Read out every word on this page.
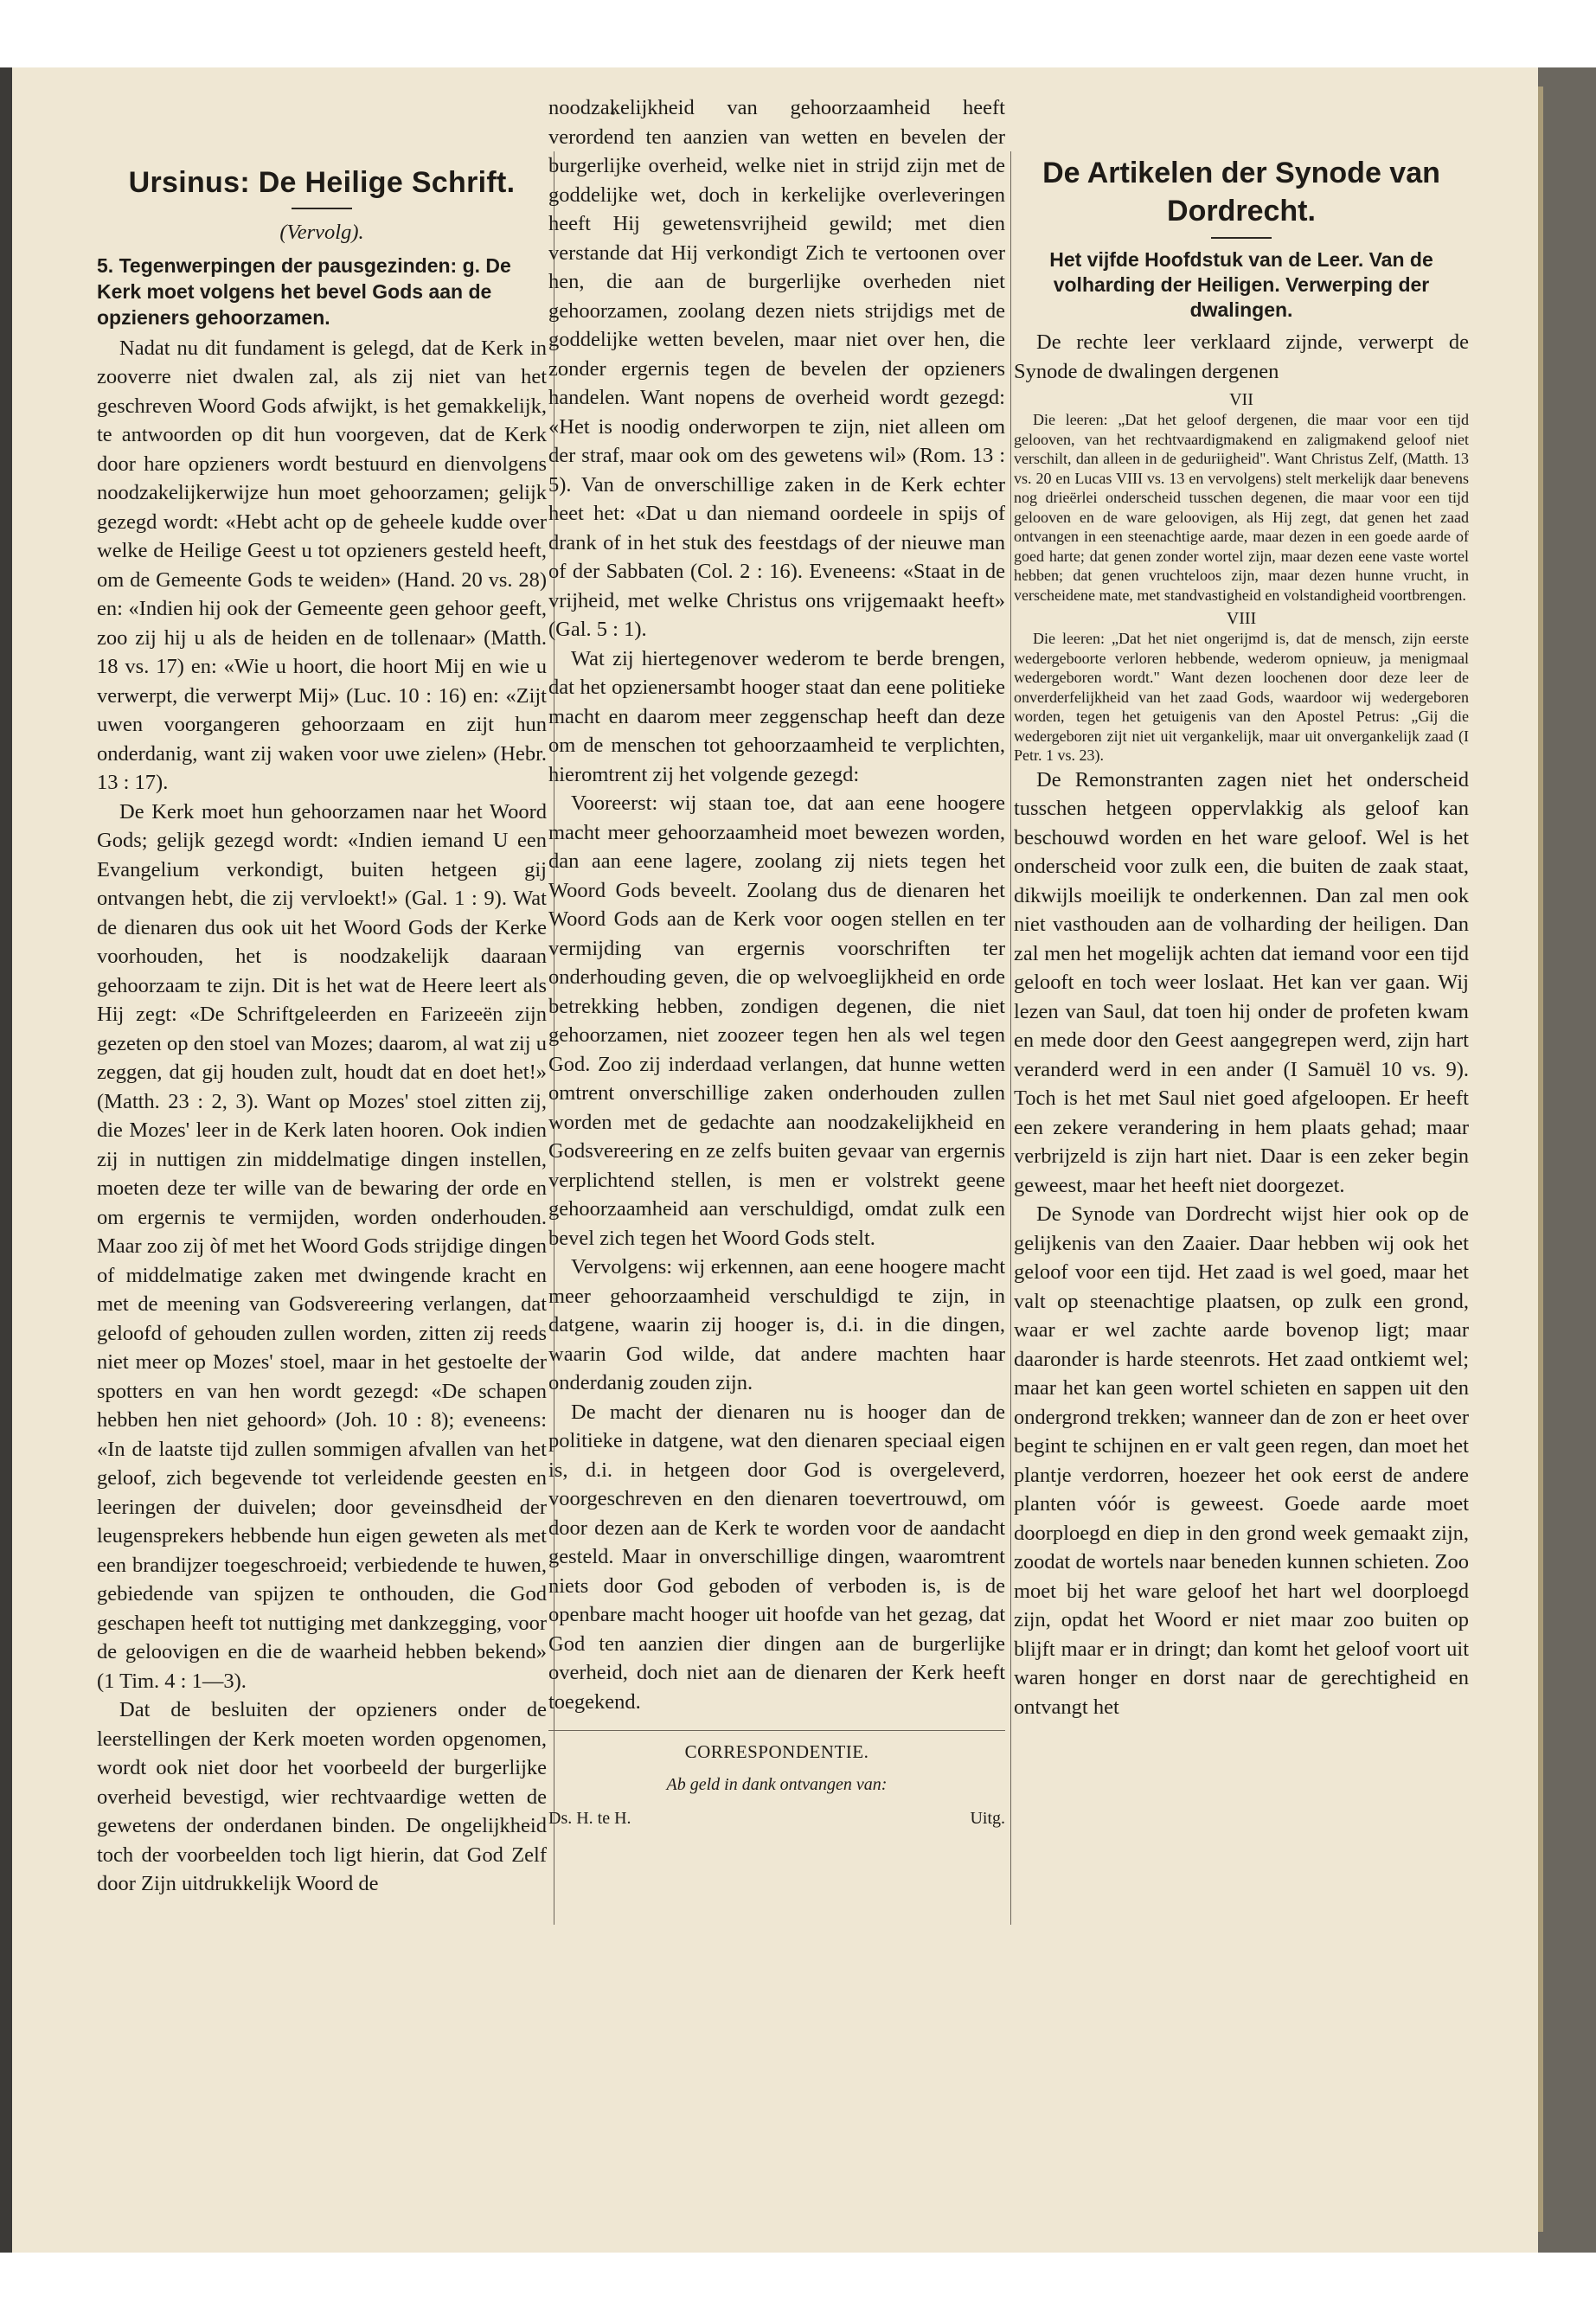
Ursinus: De Heilige Schrift.
(Vervolg).
5. Tegenwerpingen der pausgezinden: g. De Kerk moet volgens het bevel Gods aan de opzieners gehoorzamen.

Nadat nu dit fundament is gelegd, dat de Kerk in zooverre niet dwalen zal, als zij niet van het geschreven Woord Gods afwijkt, is het gemakkelijk, te antwoorden op dit hun voorgeven, dat de Kerk door hare opzieners wordt bestuurd en dienvolgens noodzakelijkerwijze hun moet gehoorzamen; gelijk gezegd wordt: «Hebt acht op de geheele kudde over welke de Heilige Geest u tot opzieners gesteld heeft, om de Gemeente Gods te weiden» (Hand. 20 vs. 28) en: «Indien hij ook der Gemeente geen gehoor geeft, zoo zij hij u als de heiden en de tollenaar» (Matth. 18 vs. 17) en: «Wie u hoort, die hoort Mij en wie u verwerpt, die verwerpt Mij» (Luc. 10 : 16) en: «Zijt uwen voorgangeren gehoorzaam en zijt hun onderdanig, want zij waken voor uwe zielen» (Hebr. 13 : 17).

De Kerk moet hun gehoorzamen naar het Woord Gods; gelijk gezegd wordt: «Indien iemand U een Evangelium verkondigt, buiten hetgeen gij ontvangen hebt, die zij vervloekt!» (Gal. 1 : 9). Wat de dienaren dus ook uit het Woord Gods der Kerke voorhouden, het is noodzakelijk daaraan gehoorzaam te zijn. Dit is het wat de Heere leert als Hij zegt: «De Schriftgeleerden en Farizeeën zijn gezeten op den stoel van Mozes; daarom, al wat zij u zeggen, dat gij houden zult, houdt dat en doet het!» (Matth. 23 : 2, 3). Want op Mozes' stoel zitten zij, die Mozes' leer in de Kerk laten hooren. Ook indien zij in nuttigen zin middelmatige dingen instellen, moeten deze ter wille van de bewaring der orde en om ergernis te vermijden, worden onderhouden. Maar zoo zij òf met het Woord Gods strijdige dingen of middelmatige zaken met dwingende kracht en met de meening van Godsvereering verlangen, dat geloofd of gehouden zullen worden, zitten zij reeds niet meer op Mozes' stoel, maar in het gestoelte der spotters en van hen wordt gezegd: «De schapen hebben hen niet gehoord» (Joh. 10 : 8); eveneens: «In de laatste tijd zullen sommigen afvallen van het geloof, zich begevende tot verleidende geesten en leeringen der duivelen; door geveinsdheid der leugensprekers hebbende hun eigen geweten als met een brandijzer toegeschroeid; verbiedende te huwen, gebiedende van spijzen te onthouden, die God geschapen heeft tot nuttiging met dankzegging, voor de geloovigen en die de waarheid hebben bekend» (1 Tim. 4 : 1—3).

Dat de besluiten der opzieners onder de leerstellingen der Kerk moeten worden opgenomen, wordt ook niet door het voorbeeld der burgerlijke overheid bevestigd, wier rechtvaardige wetten de gewetens der onderdanen binden. De ongelijkheid toch der voorbeelden toch ligt hierin, dat God Zelf door Zijn uitdrukkelijk Woord de

noodzakelijkheid van gehoorzaamheid heeft verordend ten aanzien van wetten en bevelen der burgerlijke overheid, welke niet in strijd zijn met de goddelijke wet, doch in kerkelijke overleveringen heeft Hij gewetensvrijheid gewild; met dien verstande dat Hij verkondigt Zich te vertoonen over hen, die aan de burgerlijke overheden niet gehoorzamen, zoolang dezen niets strijdigs met de goddelijke wetten bevelen, maar niet over hen, die zonder ergernis tegen de bevelen der opzieners handelen. Want nopens de overheid wordt gezegd: «Het is noodig onderworpen te zijn, niet alleen om der straf, maar ook om des gewetens wil» (Rom. 13 : 5). Van de onverschillige zaken in de Kerk echter heet het: «Dat u dan niemand oordeele in spijs of drank of in het stuk des feestdags of der nieuwe man of der Sabbaten (Col. 2 : 16). Eveneens: «Staat in de vrijheid, met welke Christus ons vrijgemaakt heeft» (Gal. 5 : 1).

Wat zij hiertegenover wederom te berde brengen, dat het opzienersambt hooger staat dan eene politieke macht en daarom meer zeggenschap heeft dan deze om de menschen tot gehoorzaamheid te verplichten, hieromtrent zij het volgende gezegd:

Vooreerst: wij staan toe, dat aan eene hoogere macht meer gehoorzaamheid moet bewezen worden, dan aan eene lagere, zoolang zij niets tegen het Woord Gods beveelt. Zoolang dus de dienaren het Woord Gods aan de Kerk voor oogen stellen en ter vermijding van ergernis voorschriften ter onderhouding geven, die op welvoeglijkheid en orde betrekking hebben, zondigen degenen, die niet gehoorzamen, niet zoozeer tegen hen als wel tegen God. Zoo zij inderdaad verlangen, dat hunne wetten omtrent onverschillige zaken onderhouden zullen worden met de gedachte aan noodzakelijkheid en Godsvereering en ze zelfs buiten gevaar van ergernis verplichtend stellen, is men er volstrekt geene gehoorzaamheid aan verschuldigd, omdat zulk een bevel zich tegen het Woord Gods stelt.

Vervolgens: wij erkennen, aan eene hoogere macht meer gehoorzaamheid verschuldigd te zijn, in datgene, waarin zij hooger is, d.i. in die dingen, waarin God wilde, dat andere machten haar onderdanig zouden zijn.

De macht der dienaren nu is hooger dan de politieke in datgene, wat den dienaren speciaal eigen is, d.i. in hetgeen door God is overgeleverd, voorgeschreven en den dienaren toevertrouwd, om door dezen aan de Kerk te worden voor de aandacht gesteld. Maar in onverschillige dingen, waaromtrent niets door God geboden of verboden is, is de openbare macht hooger uit hoofde van het gezag, dat God ten aanzien dier dingen aan de burgerlijke overheid, doch niet aan de dienaren der Kerk heeft toegekend.

CORRESPONDENTIE.
Ab geld in dank ontvangen van:
Ds. H. te H.	Uitg.
De Artikelen der Synode van Dordrecht.
Het vijfde Hoofdstuk van de Leer. Van de volharding der Heiligen. Verwerping der dwalingen.

De rechte leer verklaard zijnde, verwerpt de Synode de dwalingen dergenen

VII

Die leeren: „Dat het geloof dergenen, die maar voor een tijd gelooven, van het rechtvaardigmakend en zaligmakend geloof niet verschilt, dan alleen in de geduriigheid". Want Christus Zelf, (Matth. 13 vs. 20 en Lucas VIII vs. 13 en vervolgens) stelt merkelijk daar benevens nog drieërlei onderscheid tusschen degenen, die maar voor een tijd gelooven en de ware geloovigen, als Hij zegt, dat genen het zaad ontvangen in een steenachtige aarde, maar dezen in een goede aarde of goed harte; dat genen zonder wortel zijn, maar dezen eene vaste wortel hebben; dat genen vruchteloos zijn, maar dezen hunne vrucht, in verscheidene mate, met standvastigheid en volstandigheid voortbrengen.

VIII

Die leeren: „Dat het niet ongerijmd is, dat de mensch, zijn eerste wedergeboorte verloren hebbende, wederom opnieuw, ja menigmaal wedergeboren wordt." Want dezen loochenen door deze leer de onverderfelijkheid van het zaad Gods, waardoor wij wedergeboren worden, tegen het getuigenis van den Apostel Petrus: „Gij die wedergeboren zijt niet uit vergankelijk, maar uit onvergankelijk zaad (I Petr. 1 vs. 23).

De Remonstranten zagen niet het onderscheid tusschen hetgeen oppervlakkig als geloof kan beschouwd worden en het ware geloof. Wel is het onderscheid voor zulk een, die buiten de zaak staat, dikwijls moeilijk te onderkennen. Dan zal men ook niet vasthouden aan de volharding der heiligen. Dan zal men het mogelijk achten dat iemand voor een tijd gelooft en toch weer loslaat. Het kan ver gaan. Wij lezen van Saul, dat toen hij onder de profeten kwam en mede door den Geest aangegrepen werd, zijn hart veranderd werd in een ander (I Samuël 10 vs. 9). Toch is het met Saul niet goed afgeloopen. Er heeft een zekere verandering in hem plaats gehad; maar verbrijzeld is zijn hart niet. Daar is een zeker begin geweest, maar het heeft niet doorgezet.

De Synode van Dordrecht wijst hier ook op de gelijkenis van den Zaaier. Daar hebben wij ook het geloof voor een tijd. Het zaad is wel goed, maar het valt op steenachtige plaatsen, op zulk een grond, waar er wel zachte aarde bovenop ligt; maar daaronder is harde steenrots. Het zaad ontkiemt wel; maar het kan geen wortel schieten en sappen uit den ondergrond trekken; wanneer dan de zon er heet over begint te schijnen en er valt geen regen, dan moet het plantje verdorren, hoezeer het ook eerst de andere planten vóór is geweest. Goede aarde moet doorploegd en diep in den grond week gemaakt zijn, zoodat de wortels naar beneden kunnen schieten. Zoo moet bij het ware geloof het hart wel doorploegd zijn, opdat het Woord er niet maar zoo buiten op blijft maar er in dringt; dan komt het geloof voort uit waren honger en dorst naar de gerechtigheid en ontvangt het
